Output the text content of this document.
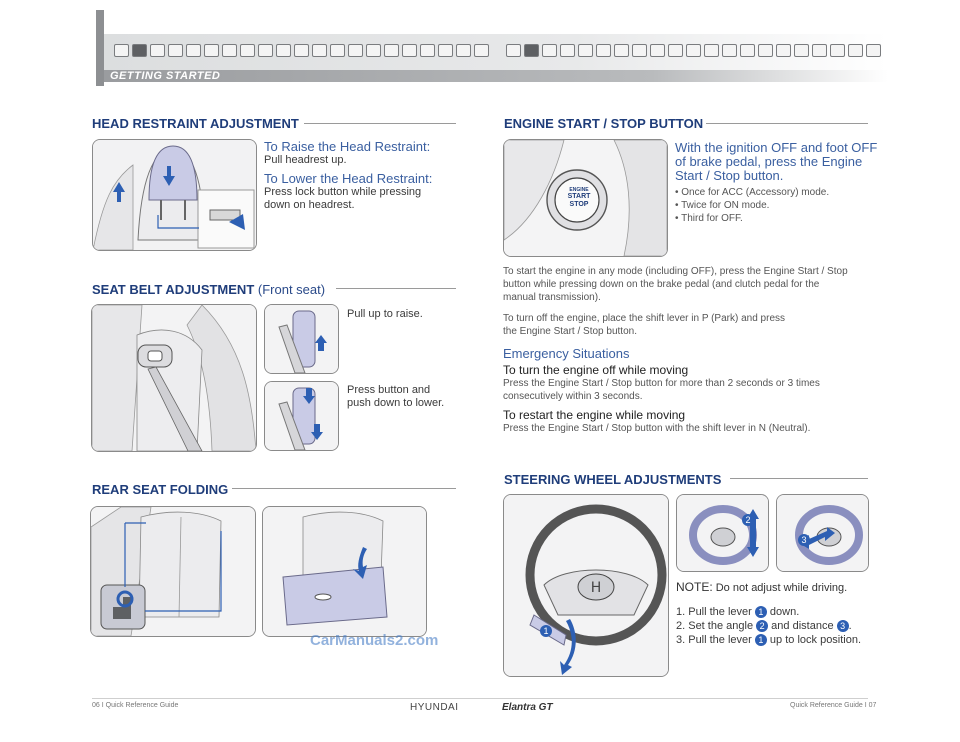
GETTING STARTED
HEAD RESTRAINT ADJUSTMENT
To Raise the Head Restraint:
Pull headrest up.
To Lower the Head Restraint:
Press lock button while pressing
down on headrest.
SEAT BELT ADJUSTMENT (Front seat)
Pull up to raise.
Press button and
push down to lower.
REAR SEAT FOLDING
CarManuals2.com
ENGINE START / STOP BUTTON
ENGINE
START
STOP
With the ignition OFF and foot OFF
of brake pedal, press the Engine
Start / Stop button.
• Once for ACC (Accessory) mode.
• Twice for ON mode.
• Third for OFF.
To start the engine in any mode (including OFF), press the Engine Start / Stop
button while pressing down on the brake pedal (and clutch pedal for the
manual transmission).
To turn off the engine, place the shift lever in P (Park) and press
the Engine Start / Stop button.
Emergency Situations
To turn the engine off while moving
Press the Engine Start / Stop button for more than 2 seconds or 3 times
consecutively within 3 seconds.
To restart the engine while moving
Press the Engine Start / Stop button with the shift lever in N (Neutral).
STEERING WHEEL ADJUSTMENTS
H
1
2
3
NOTE: Do not adjust while driving.
1. Pull the lever 1 down.
2. Set the angle 2 and distance 3 .
3. Pull the lever 1 up to lock position.
06 I Quick Reference Guide	HYUNDAI	Elantra GT	Quick Reference Guide I 07
